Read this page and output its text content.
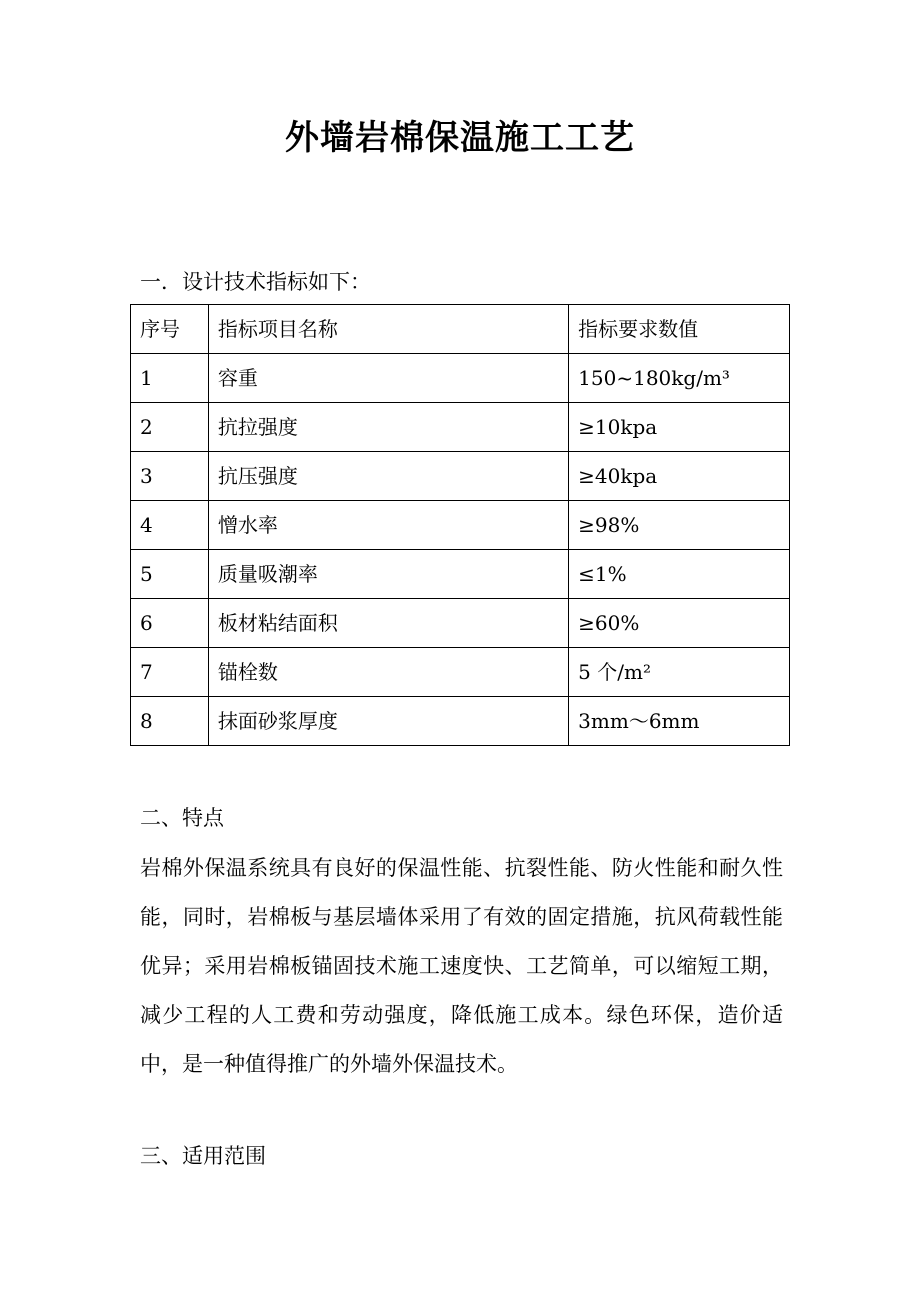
外墙岩棉保温施工工艺
一．设计技术指标如下：
序号	指标项目名称	指标要求数值
1	容重	150~180kg/m³
2	抗拉强度	≥10kpa
3	抗压强度	≥40kpa
4	憎水率	≥98%
5	质量吸潮率	≤1%
6	板材粘结面积	≥60%
7	锚栓数	5 个/m²
8	抹面砂浆厚度	3mm～6mm
二、特点
岩棉外保温系统具有良好的保温性能、抗裂性能、防火性能和耐久性能，同时，岩棉板与基层墙体采用了有效的固定措施，抗风荷载性能优异；采用岩棉板锚固技术施工速度快、工艺简单，可以缩短工期，减少工程的人工费和劳动强度，降低施工成本。绿色环保，造价适中，是一种值得推广的外墙外保温技术。
三、适用范围
